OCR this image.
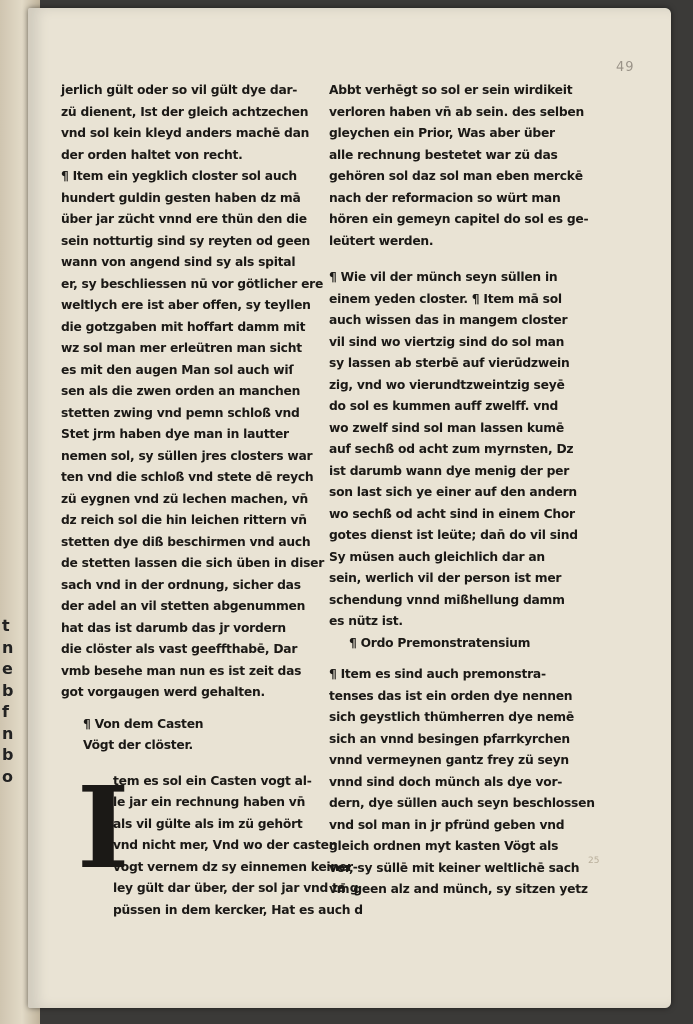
t
n
e
b
f
n
b
o
49
25
jerlich gült oder so vil gült dye dar-
zü dienent, Ist der gleich achtzechen
vnd sol kein kleyd anders machē dan
der orden haltet von recht.
¶ Item ein yegklich closter sol auch
hundert guldin gesten haben dz mā
über jar zücht vnnd ere thün den die
sein notturtig sind sy reyten od geen
wann von angend sind sy als spital
er, sy beschliessen nū vor götlicher ere
weltlych ere ist aber offen, sy teyllen
die gotzgaben mit hoffart damm mit
wz sol man mer erleütren man sicht
es mit den augen Man sol auch wiſ
sen als die zwen orden an manchen
stetten zwing vnd pemn schloß vnd
Stet jrm haben dye man in lautter
nemen sol, sy süllen jres closters war
ten vnd die schloß vnd stete dē reych
zü eygnen vnd zü lechen machen, vn̄
dz reich sol die hin leichen rittern vn̄
stetten dye diß beschirmen vnd auch
de stetten lassen die sich üben in diser
sach vnd in der ordnung, sicher das
der adel an vil stetten abgenummen
hat das ist darumb das jr vordern
die clöster als vast geeffthabē, Dar
vmb besehe man nun es ist zeit das
got vorgaugen werd gehalten.
¶ Von dem Casten
Vögt der clöster.
I
tem es sol ein Casten vogt al-
le jar ein rechnung haben vn̄
als vil gülte als im zü gehört
vnd nicht mer, Vnd wo der casten
vogt vernem dz sy einnemen keiner-
ley gült dar über, der sol jar vnd ta g
püssen in dem kercker, Hat es auch d
Abbt verhēgt so sol er sein wirdikeit
verloren haben vn̄ ab sein. des selben
gleychen ein Prior, Was aber über
alle rechnung bestetet war zü das
gehören sol daz sol man eben merckē
nach der reformacion so würt man
hören ein gemeyn capitel do sol es ge-
leütert werden.
¶ Wie vil der münch seyn süllen in
einem yeden closter. ¶ Item mā sol
auch wissen das in mangem closter
vil sind wo viertzig sind do sol man
sy lassen ab sterbē auf vierūdzwein
zig, vnd wo vierundtzweintzig seyē
do sol es kummen auff zwelff. vnd
wo zwelf sind sol man lassen kumē
auf sechß od acht zum myrnsten, Dz
ist darumb wann dye menig der per
son last sich ye einer auf den andern
wo sechß od acht sind in einem Chor
gotes dienst ist leüte; dan̄ do vil sind
Sy müsen auch gleichlich dar an
sein, werlich vil der person ist mer
schendung vnnd mißhellung damm
es nütz ist.
¶ Ordo Premonstratensium
¶ Item es sind auch premonstra-
tenses das ist ein orden dye nennen
sich geystlich thümherren dye nemē
sich an vnnd besingen pfarrkyrchen
vnnd vermeynen gantz frey zü seyn
vnnd sind doch münch als dye vor-
dern, dye süllen auch seyn beschlossen
vnd sol man in jr pfründ geben vnd
gleich ordnen myt kasten Vögt als
vor, sy süllē mit keiner weltlichē sach
vm̄ geen alz and münch, sy sitzen yetz
